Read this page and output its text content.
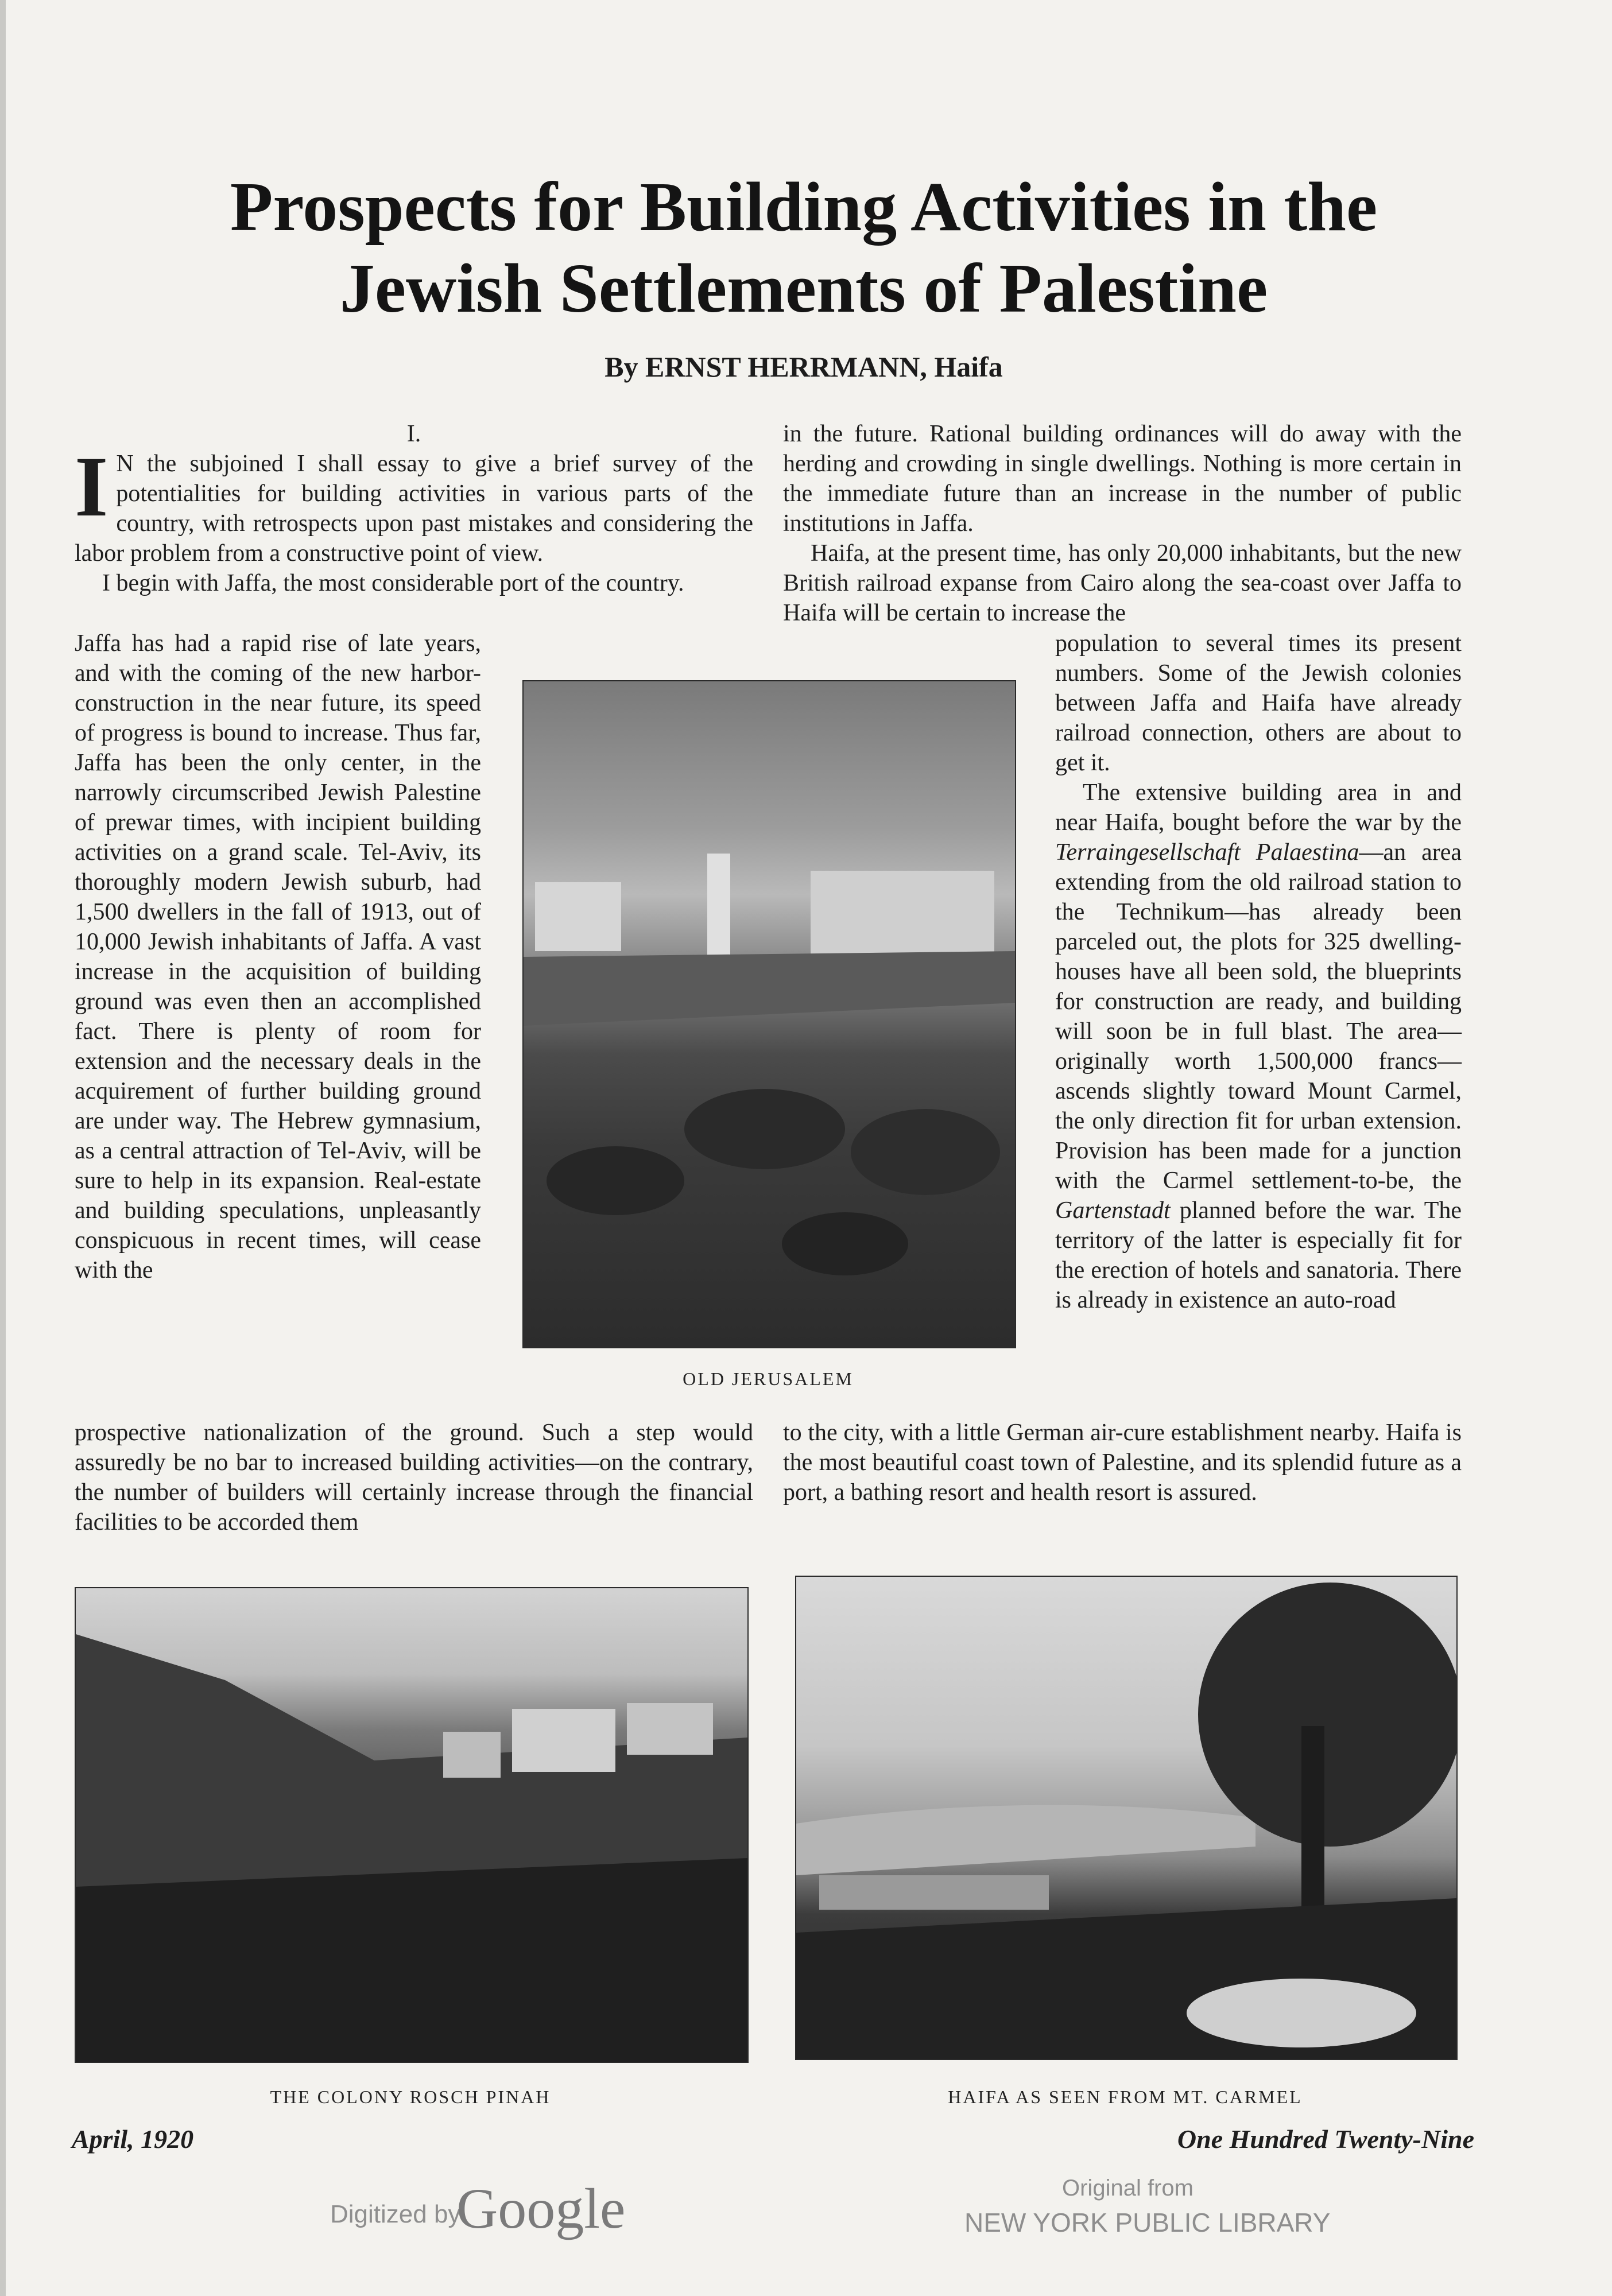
Prospects for Building Activities in the
Jewish Settlements of Palestine
By ERNST HERRMANN, Haifa

I.

I N the subjoined I shall essay to give a brief survey of the potentialities for building activities in various parts of the country, with retrospects upon past mistakes and considering the labor problem from a constructive point of view.

I begin with Jaffa, the most considerable port of the country.

Jaffa has had a rapid rise of late years, and with the coming of the new harbor-construction in the near future, its speed of progress is bound to increase. Thus far, Jaffa has been the only center, in the narrowly circumscribed Jewish Palestine of prewar times, with incipient building activities on a grand scale. Tel-Aviv, its thoroughly modern Jewish suburb, had 1,500 dwellers in the fall of 1913, out of 10,000 Jewish inhabitants of Jaffa. A vast increase in the acquisition of building ground was even then an accomplished fact. There is plenty of room for extension and the necessary deals in the acquirement of further building ground are under way. The Hebrew gymnasium, as a central attraction of Tel-Aviv, will be sure to help in its expansion. Real-estate and building speculations, unpleasantly conspicuous in recent times, will cease with the

prospective nationalization of the ground. Such a step would assuredly be no bar to increased building activities—on the contrary, the number of builders will certainly increase through the financial facilities to be accorded them

in the future. Rational building ordinances will do away with the herding and crowding in single dwellings. Nothing is more certain in the immediate future than an increase in the number of public institutions in Jaffa.

Haifa, at the present time, has only 20,000 inhabitants, but the new British railroad expanse from Cairo along the sea-coast over Jaffa to Haifa will be certain to increase the

population to several times its present numbers. Some of the Jewish colonies between Jaffa and Haifa have already railroad connection, others are about to get it.

The extensive building area in and near Haifa, bought before the war by the Terraingesellschaft Palaestina—an area extending from the old railroad station to the Technikum—has already been parceled out, the plots for 325 dwelling-houses have all been sold, the blueprints for construction are ready, and building will soon be in full blast. The area—originally worth 1,500,000 francs—ascends slightly toward Mount Carmel, the only direction fit for urban extension. Provision has been made for a junction with the Carmel settlement-to-be, the Gartenstadt planned before the war. The territory of the latter is especially fit for the erection of hotels and sanatoria. There is already in existence an auto-road

to the city, with a little German air-cure establishment nearby. Haifa is the most beautiful coast town of Palestine, and its splendid future as a port, a bathing resort and health resort is assured.

OLD JERUSALEM
THE COLONY ROSCH PINAH	HAIFA AS SEEN FROM MT. CARMEL
April, 1920	One Hundred Twenty-Nine
Digitized by
Google	Original from
NEW YORK PUBLIC LIBRARY
